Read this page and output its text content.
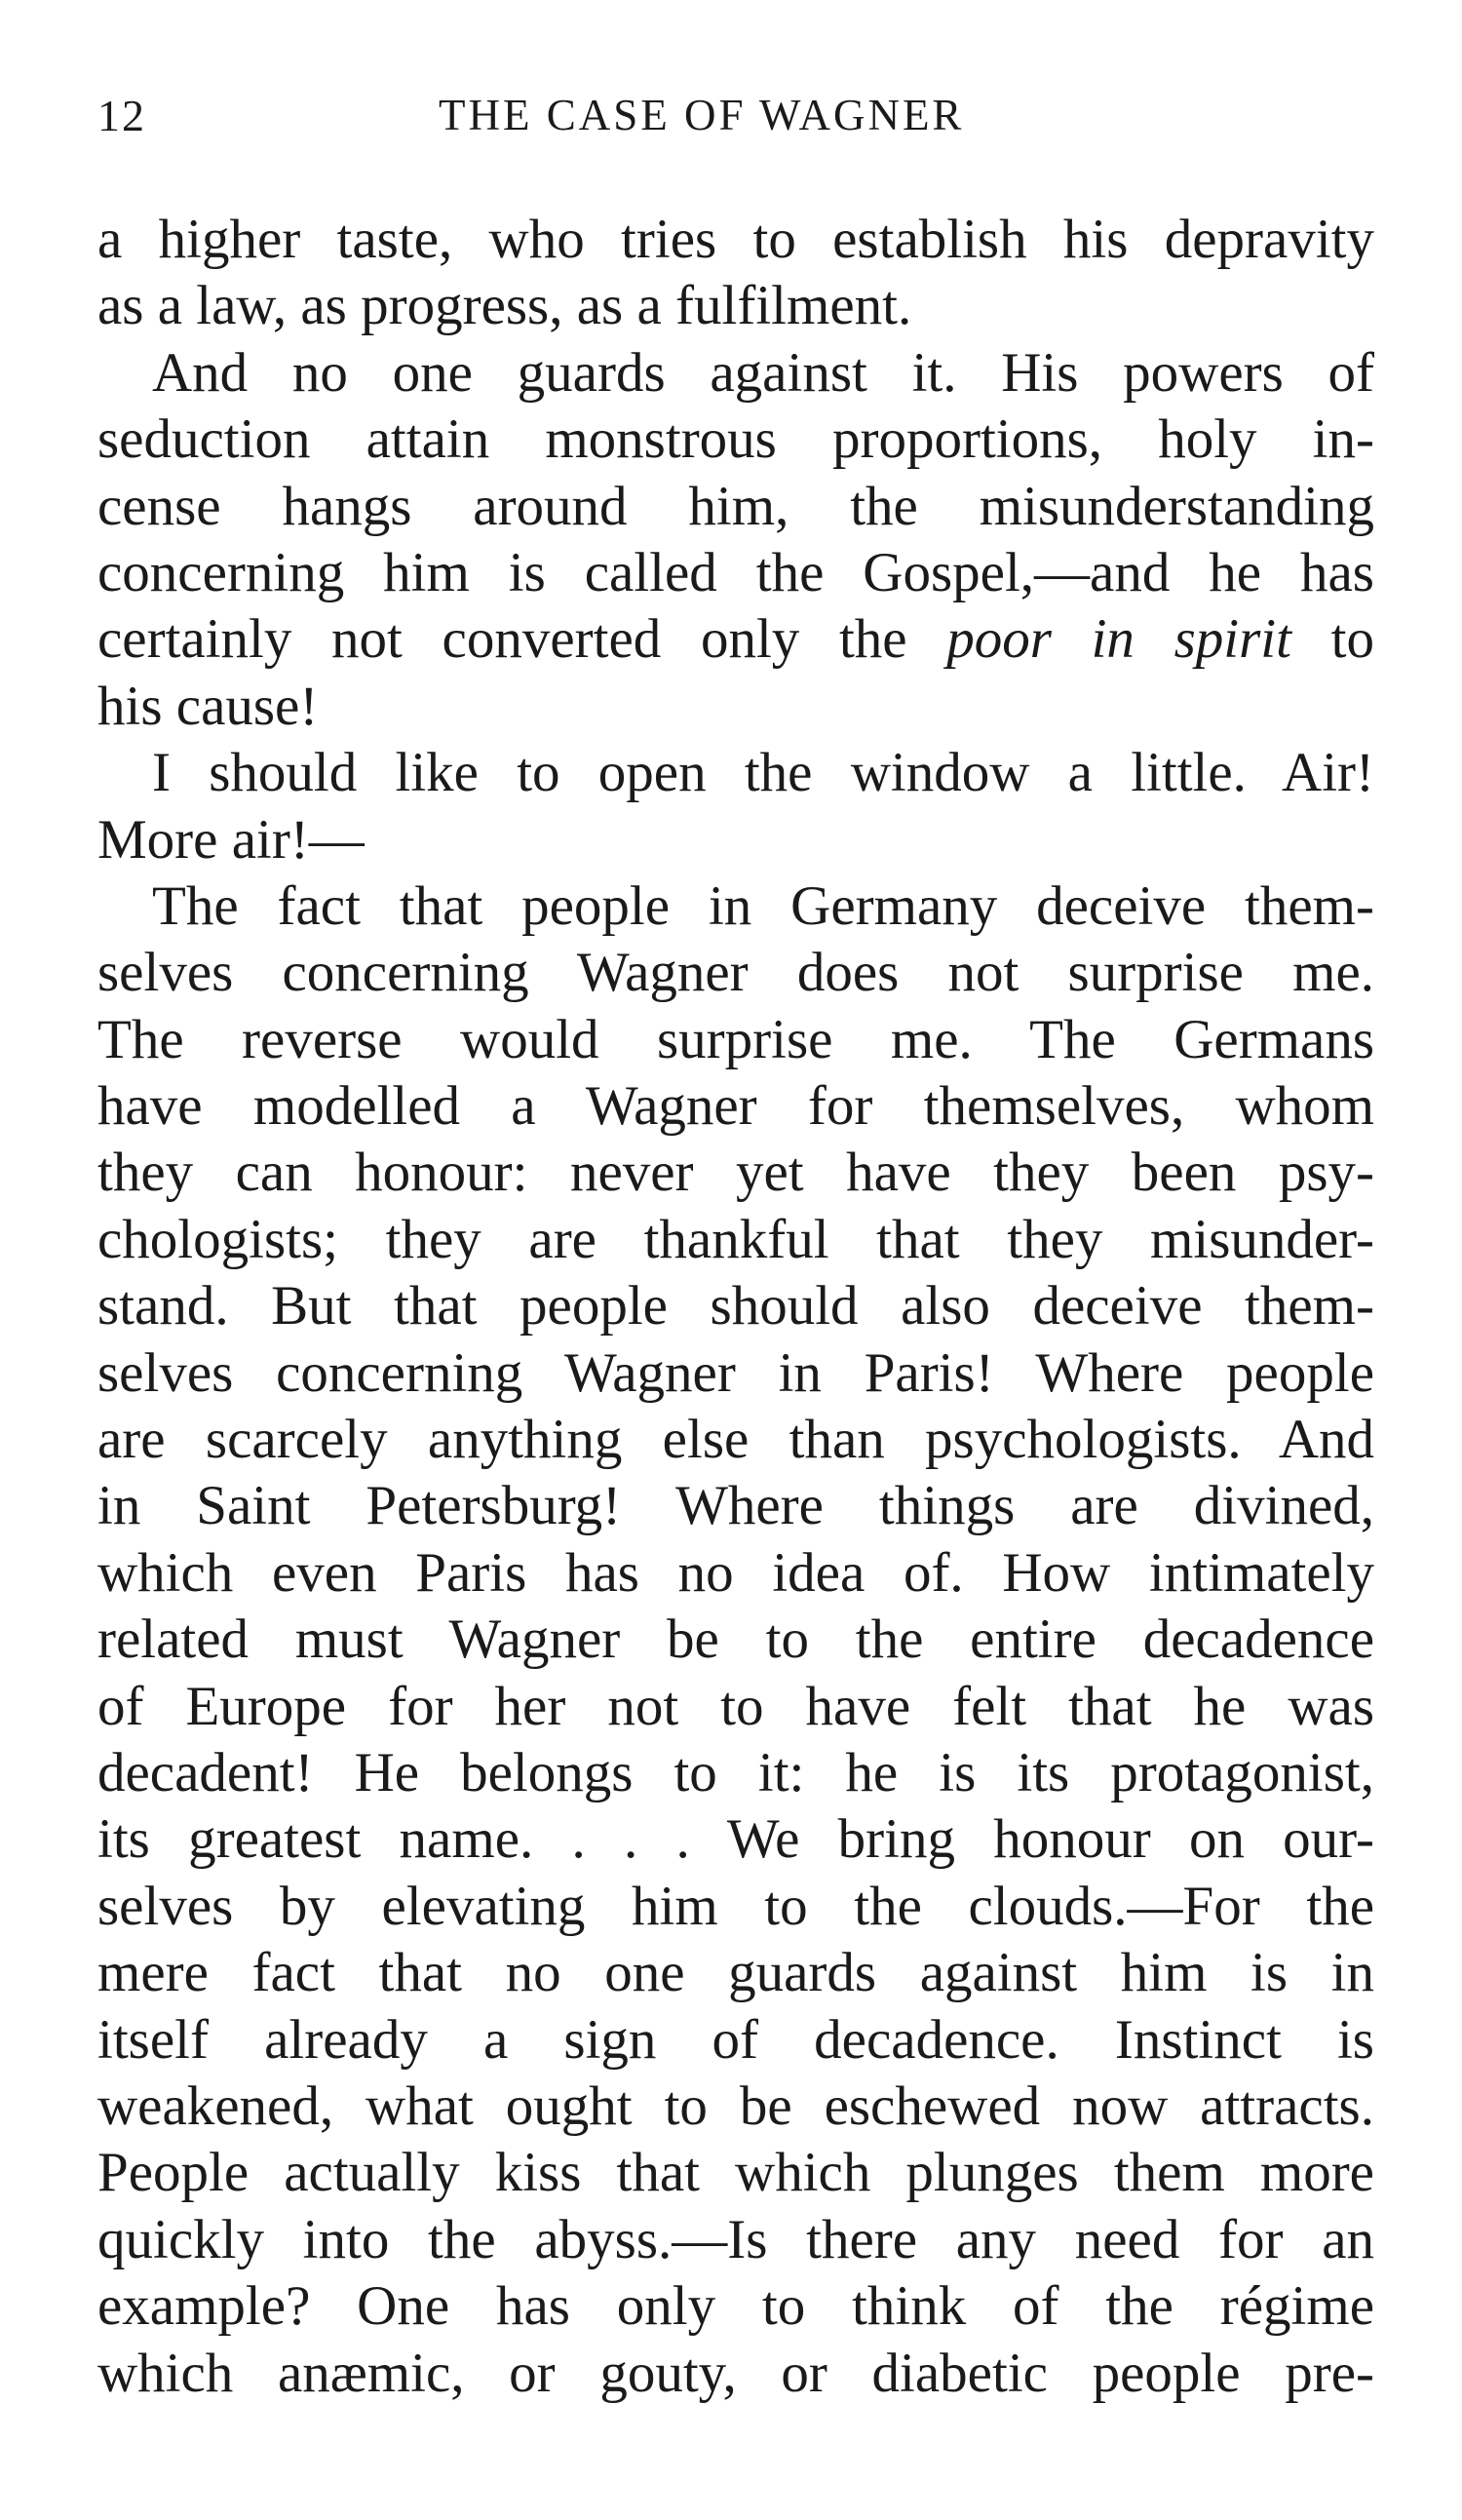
12	THE CASE OF WAGNER
a higher taste, who tries to establish his depravity
as a law, as progress, as a fulfilment.
And no one guards against it. His powers of
seduction attain monstrous proportions, holy in-
cense hangs around him, the misunderstanding
concerning him is called the Gospel,—and he has
certainly not converted only the poor in spirit to
his cause!
I should like to open the window a little. Air!
More air!—
The fact that people in Germany deceive them-
selves concerning Wagner does not surprise me.
The reverse would surprise me. The Germans
have modelled a Wagner for themselves, whom
they can honour: never yet have they been psy-
chologists; they are thankful that they misunder-
stand. But that people should also deceive them-
selves concerning Wagner in Paris! Where people
are scarcely anything else than psychologists. And
in Saint Petersburg! Where things are divined,
which even Paris has no idea of. How intimately
related must Wagner be to the entire decadence
of Europe for her not to have felt that he was
decadent! He belongs to it: he is its protagonist,
its greatest name. . . . We bring honour on our-
selves by elevating him to the clouds.—For the
mere fact that no one guards against him is in
itself already a sign of decadence. Instinct is
weakened, what ought to be eschewed now attracts.
People actually kiss that which plunges them more
quickly into the abyss.—Is there any need for an
example? One has only to think of the régime
which anæmic, or gouty, or diabetic people pre-
